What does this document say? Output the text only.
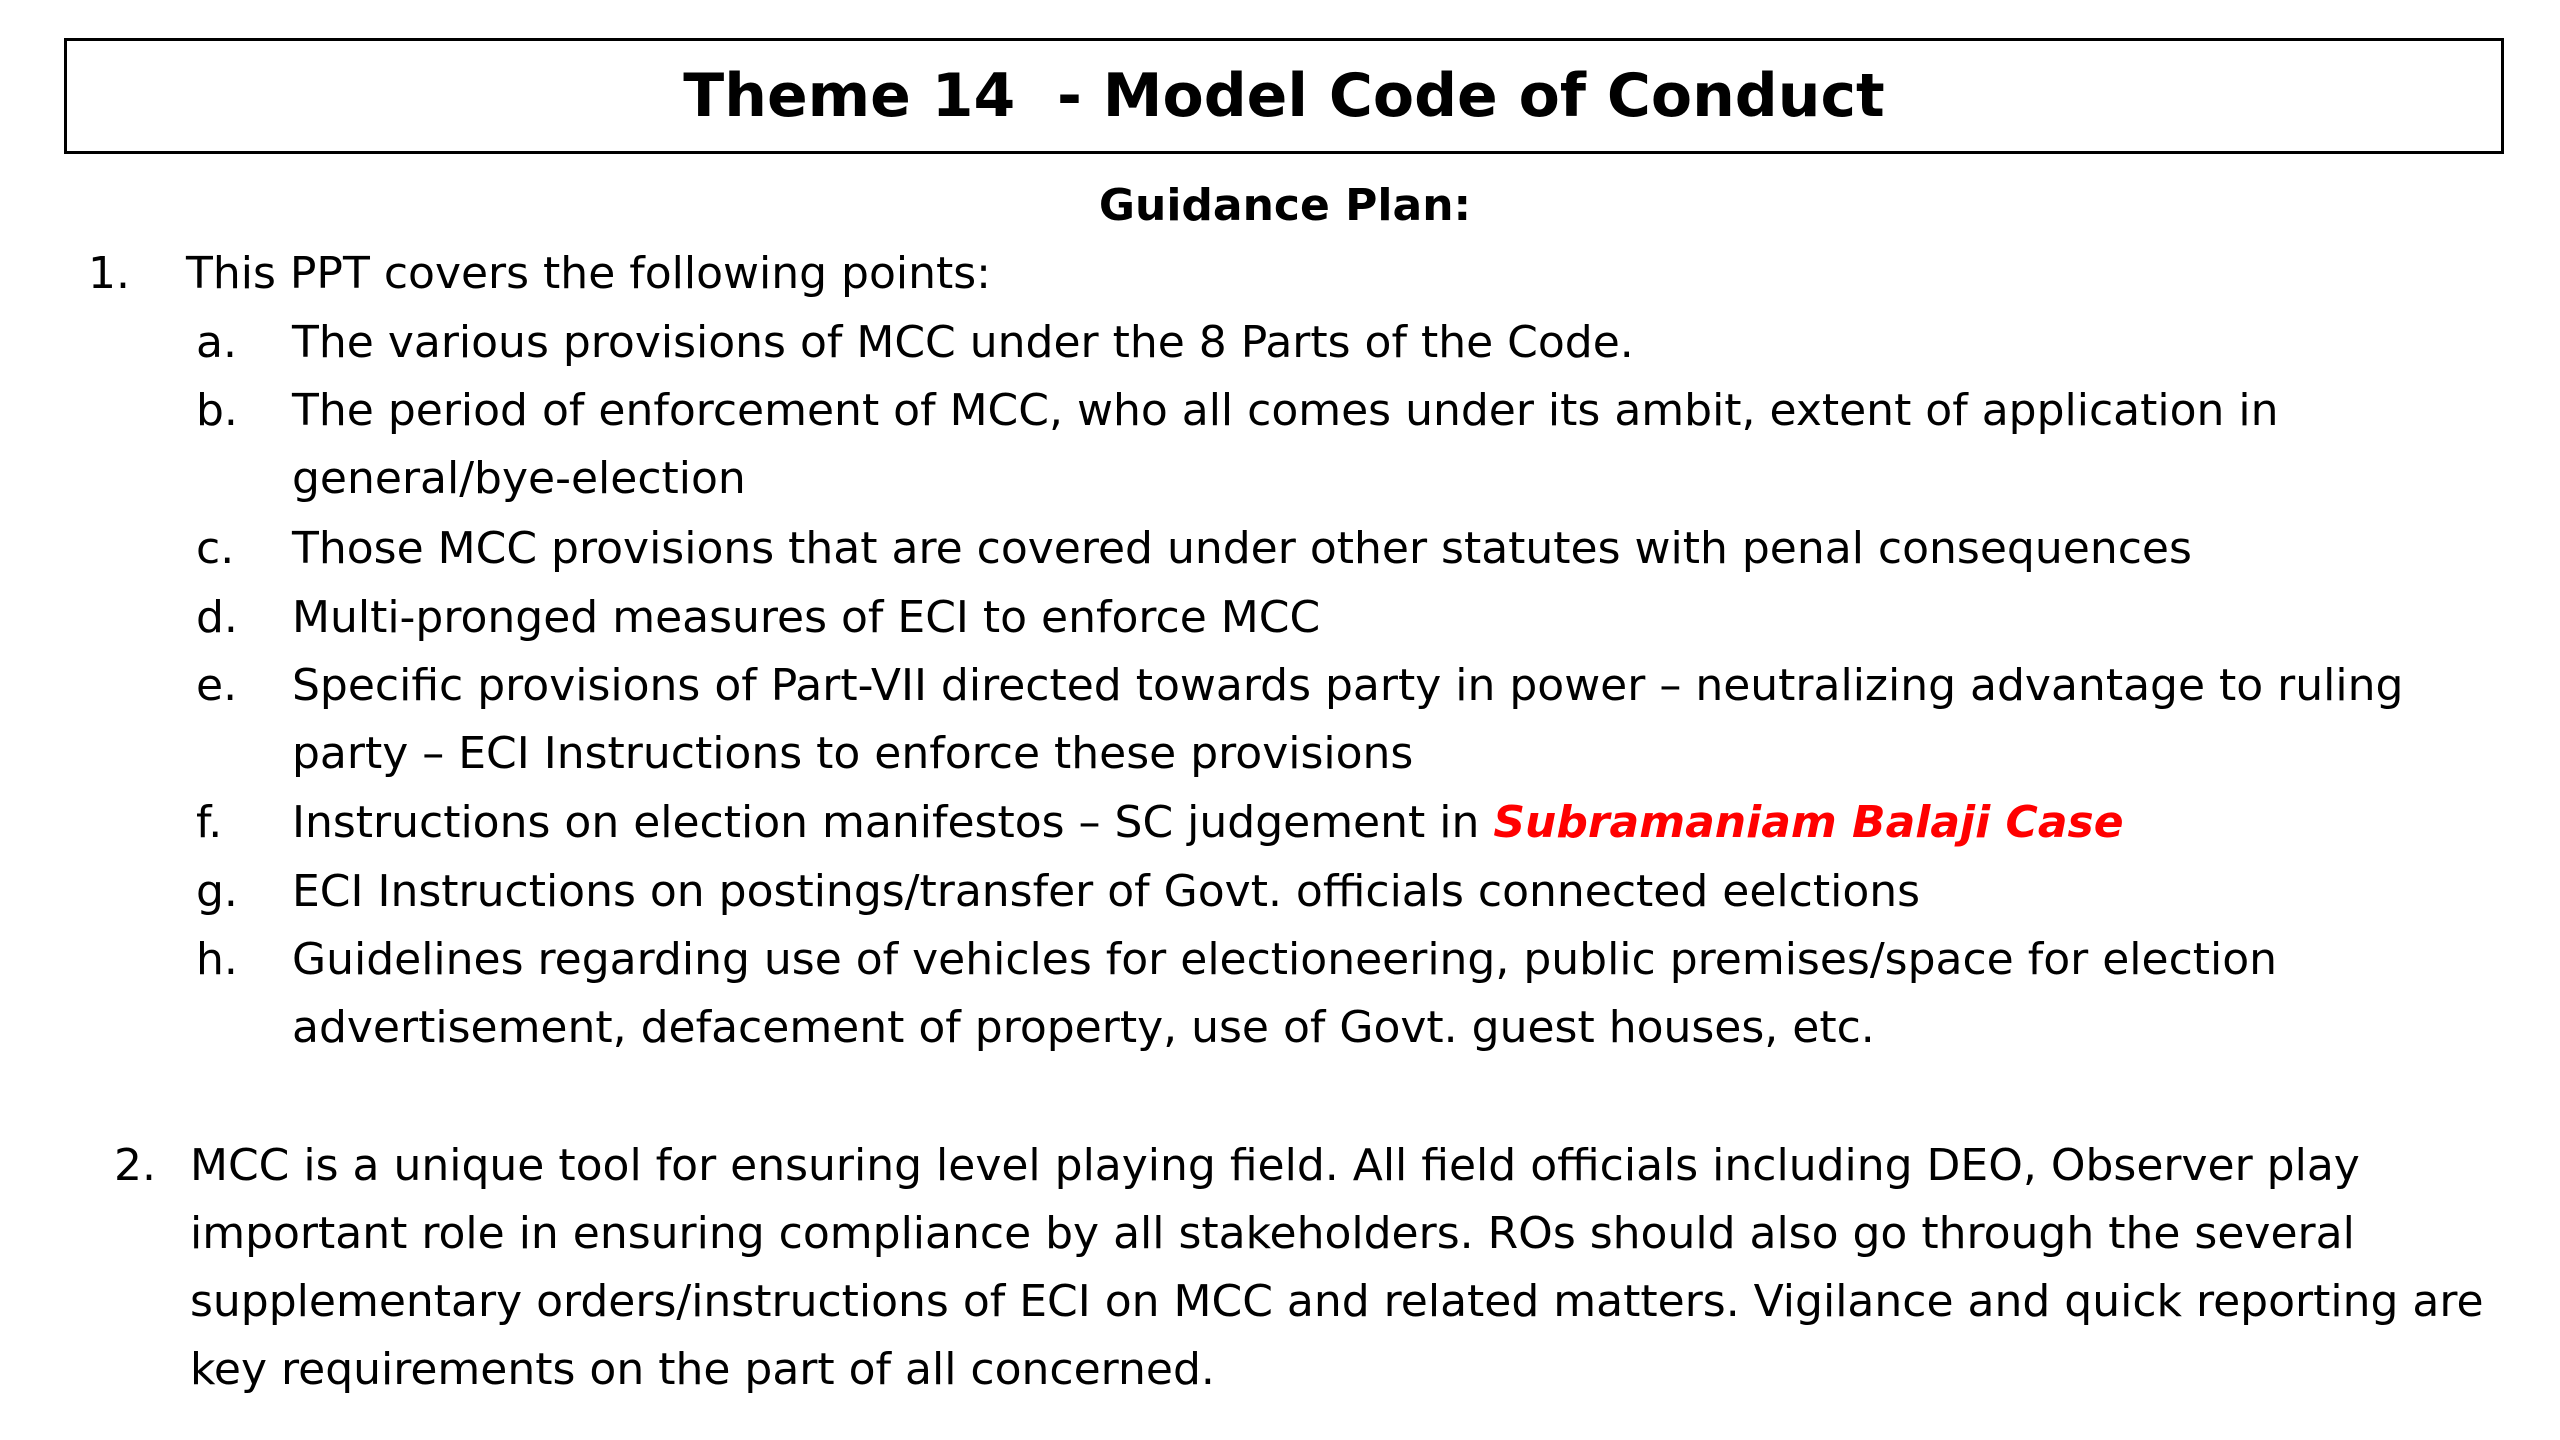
Theme 14  - Model Code of Conduct
Guidance Plan:
1. This PPT covers the following points:
a.	The various provisions of MCC under the 8 Parts of the Code.
b.	The period of enforcement of MCC, who all comes under its ambit, extent of application in general/bye-election
c.	Those MCC provisions that are covered under other statutes with penal consequences
d.	Multi-pronged measures of ECI to enforce MCC
e.	Specific provisions of Part-VII directed towards party in power – neutralizing advantage to ruling party – ECI Instructions to enforce these provisions
f.	Instructions on election manifestos – SC judgement in Subramaniam Balaji Case
g.	ECI Instructions on postings/transfer of Govt. officials connected eelctions
h.	Guidelines regarding use of vehicles for electioneering, public premises/space for election advertisement, defacement of property, use of Govt. guest houses, etc.
2. MCC is a unique tool for ensuring level playing field. All field officials including DEO, Observer play important role in ensuring compliance by all stakeholders. ROs should also go through the several supplementary orders/instructions of ECI on MCC and related matters. Vigilance and quick reporting are key requirements on the part of all concerned.
